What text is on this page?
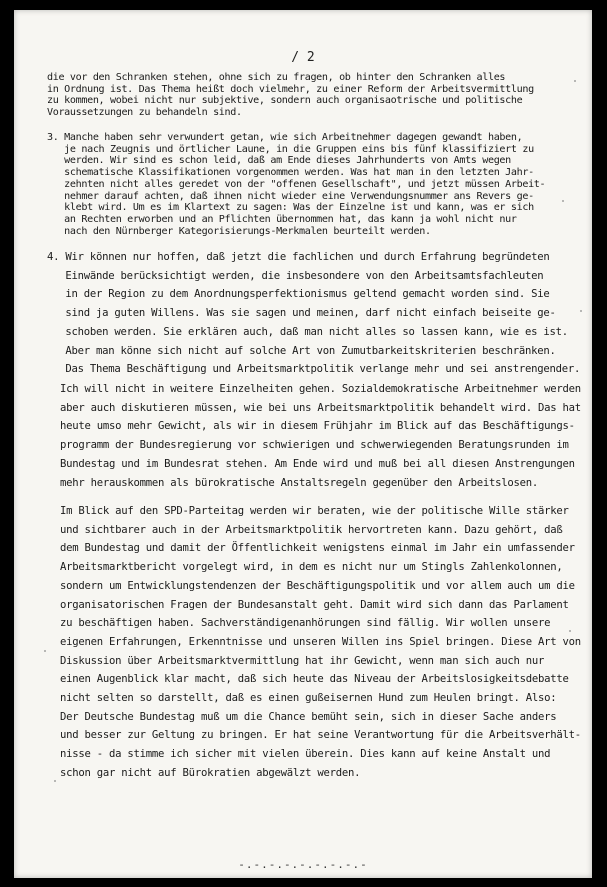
/ 2
die vor den Schranken stehen, ohne sich zu fragen, ob hinter den Schranken alles
in Ordnung ist. Das Thema heißt doch vielmehr, zu einer Reform der Arbeitsvermittlung
zu kommen, wobei nicht nur subjektive, sondern auch organisaotrische und politische
Voraussetzungen zu behandeln sind.
3. Manche haben sehr verwundert getan, wie sich Arbeitnehmer dagegen gewandt haben,
je nach Zeugnis und örtlicher Laune, in die Gruppen eins bis fünf klassifiziert zu
werden. Wir sind es schon leid, daß am Ende dieses Jahrhunderts von Amts wegen
schematische Klassifikationen vorgenommen werden. Was hat man in den letzten Jahr-
zehnten nicht alles geredet von der "offenen Gesellschaft", und jetzt müssen Arbeit-
nehmer darauf achten, daß ihnen nicht wieder eine Verwendungsnummer ans Revers ge-
klebt wird. Um es im Klartext zu sagen: Was der Einzelne ist und kann, was er sich
an Rechten erworben und an Pflichten übernommen hat, das kann ja wohl nicht nur
nach den Nürnberger Kategorisierungs-Merkmalen beurteilt werden.
4. Wir können nur hoffen, daß jetzt die fachlichen und durch Erfahrung begründeten
Einwände berücksichtigt werden, die insbesondere von den Arbeitsamtsfachleuten
in der Region zu dem Anordnungsperfektionismus geltend gemacht worden sind. Sie
sind ja guten Willens. Was sie sagen und meinen, darf nicht einfach beiseite ge-
schoben werden. Sie erklären auch, daß man nicht alles so lassen kann, wie es ist.
Aber man könne sich nicht auf solche Art von Zumutbarkeitskriterien beschränken.
Das Thema Beschäftigung und Arbeitsmarktpolitik verlange mehr und sei anstrengender.
Ich will nicht in weitere Einzelheiten gehen. Sozialdemokratische Arbeitnehmer werden
aber auch diskutieren müssen, wie bei uns Arbeitsmarktpolitik behandelt wird. Das hat
heute umso mehr Gewicht, als wir in diesem Frühjahr im Blick auf das Beschäftigungs-
programm der Bundesregierung vor schwierigen und schwerwiegenden Beratungsrunden im
Bundestag und im Bundesrat stehen. Am Ende wird und muß bei all diesen Anstrengungen
mehr herauskommen als bürokratische Anstaltsregeln gegenüber den Arbeitslosen.
Im Blick auf den SPD-Parteitag werden wir beraten, wie der politische Wille stärker
und sichtbarer auch in der Arbeitsmarktpolitik hervortreten kann. Dazu gehört, daß
dem Bundestag und damit der Öffentlichkeit wenigstens einmal im Jahr ein umfassender
Arbeitsmarktbericht vorgelegt wird, in dem es nicht nur um Stingls Zahlenkolonnen,
sondern um Entwicklungstendenzen der Beschäftigungspolitik und vor allem auch um die
organisatorischen Fragen der Bundesanstalt geht. Damit wird sich dann das Parlament
zu beschäftigen haben. Sachverständigenanhörungen sind fällig. Wir wollen unsere
eigenen Erfahrungen, Erkenntnisse und unseren Willen ins Spiel bringen. Diese Art von
Diskussion über Arbeitsmarktvermittlung hat ihr Gewicht, wenn man sich auch nur
einen Augenblick klar macht, daß sich heute das Niveau der Arbeitslosigkeitsdebatte
nicht selten so darstellt, daß es einen gußeisernen Hund zum Heulen bringt. Also:
Der Deutsche Bundestag muß um die Chance bemüht sein, sich in dieser Sache anders
und besser zur Geltung zu bringen. Er hat seine Verantwortung für die Arbeitsverhält-
nisse - da stimme ich sicher mit vielen überein. Dies kann auf keine Anstalt und
schon gar nicht auf Bürokratien abgewälzt werden.
-.-.-.-.-.-.-.-.-
